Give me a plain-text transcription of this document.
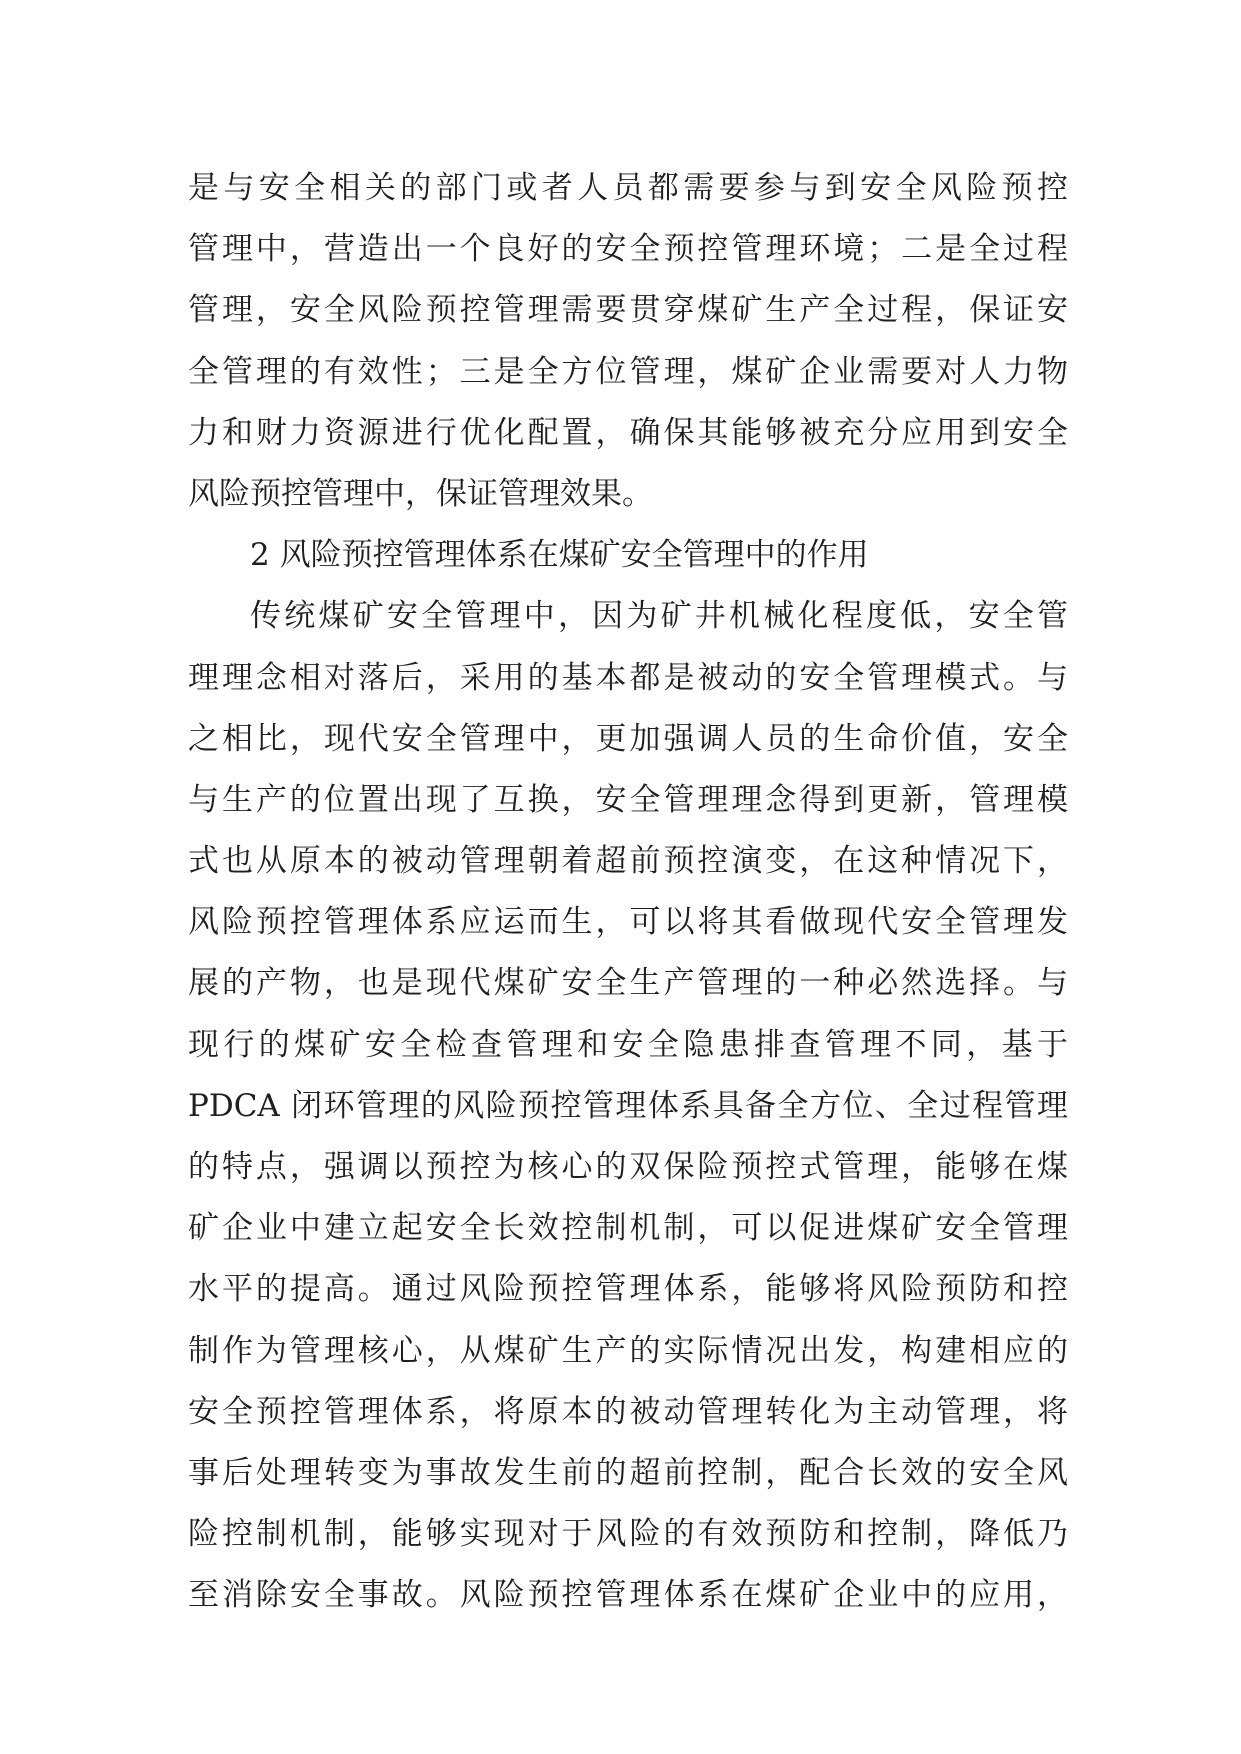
是与安全相关的部门或者人员都需要参与到安全风险预控
管理中，营造出一个良好的安全预控管理环境；二是全过程
管理，安全风险预控管理需要贯穿煤矿生产全过程，保证安
全管理的有效性；三是全方位管理，煤矿企业需要对人力物
力和财力资源进行优化配置，确保其能够被充分应用到安全
风险预控管理中，保证管理效果。
2 风险预控管理体系在煤矿安全管理中的作用
传统煤矿安全管理中，因为矿井机械化程度低，安全管
理理念相对落后，采用的基本都是被动的安全管理模式。与
之相比，现代安全管理中，更加强调人员的生命价值，安全
与生产的位置出现了互换，安全管理理念得到更新，管理模
式也从原本的被动管理朝着超前预控演变，在这种情况下，
风险预控管理体系应运而生，可以将其看做现代安全管理发
展的产物，也是现代煤矿安全生产管理的一种必然选择。与
现行的煤矿安全检查管理和安全隐患排查管理不同，基于
PDCA 闭环管理的风险预控管理体系具备全方位、全过程管理
的特点，强调以预控为核心的双保险预控式管理，能够在煤
矿企业中建立起安全长效控制机制，可以促进煤矿安全管理
水平的提高。通过风险预控管理体系，能够将风险预防和控
制作为管理核心，从煤矿生产的实际情况出发，构建相应的
安全预控管理体系，将原本的被动管理转化为主动管理，将
事后处理转变为事故发生前的超前控制，配合长效的安全风
险控制机制，能够实现对于风险的有效预防和控制，降低乃
至消除安全事故。风险预控管理体系在煤矿企业中的应用，
